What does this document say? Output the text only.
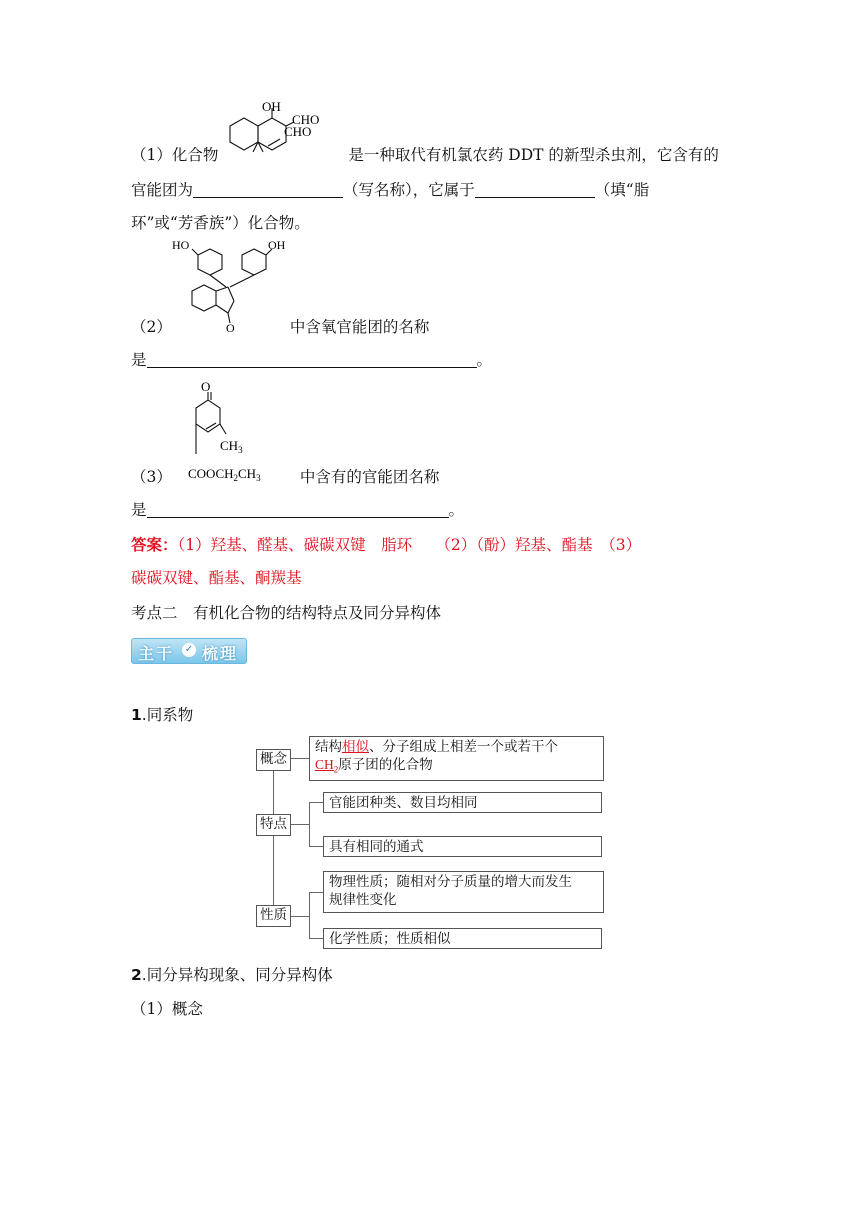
OH
CHO
CHO
（1）化合物	是一种取代有机氯农药 DDT 的新型杀虫剂，它含有的
官能团为	（写名称），它属于	（填“脂
环”或“芳香族”）化合物。
HO	OH
O
（2）	中含氧官能团的名称
是	。
O
$CH_3$
$COOCH_2CH_3$
（3）	中含有的官能团名称
是	。
答案：（1）羟基、醛基、碳碳双键　脂环　　（2）（酚）羟基、酯基　（3）
碳碳双键、酯基、酮羰基
考点二　有机化合物的结构特点及同分异构体
主干 ✓ 梳理
1.同系物
概念
结构相似、分子组成上相差一个或若干个
$CH_2$原子团的化合物
特点
官能团种类、数目均相同
具有相同的通式
性质
物理性质；随相对分子质量的增大而发生
规律性变化
化学性质；性质相似
2.同分异构现象、同分异构体
（1）概念
